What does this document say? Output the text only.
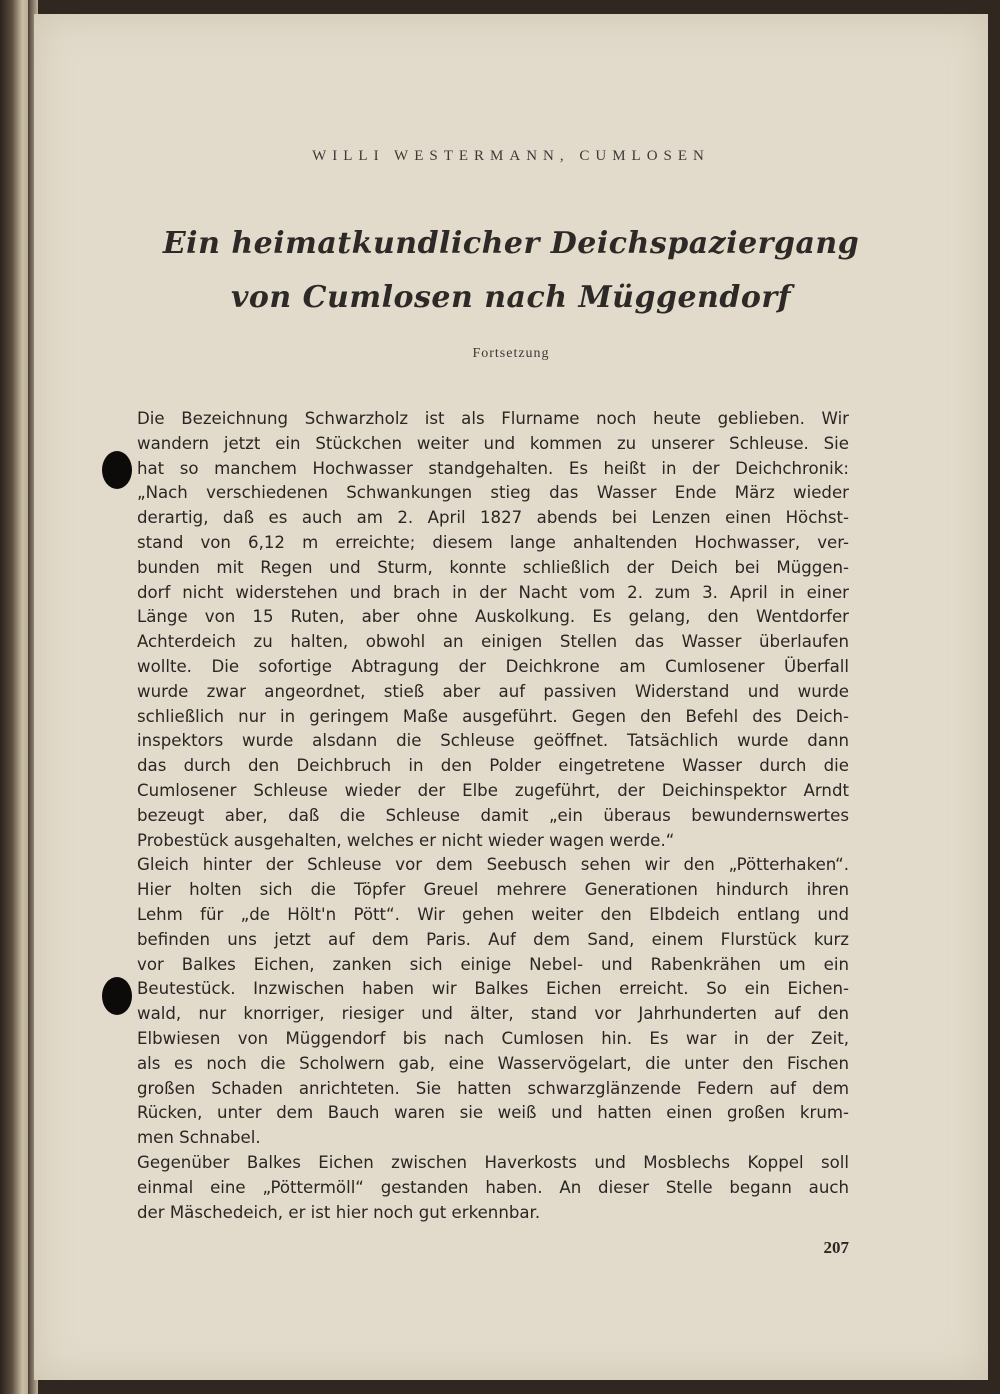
WILLI WESTERMANN, CUMLOSEN
Ein heimatkundlicher Deichspaziergang
von Cumlosen nach Müggendorf
Fortsetzung
Die Bezeichnung Schwarzholz ist als Flurname noch heute geblieben. Wir
wandern jetzt ein Stückchen weiter und kommen zu unserer Schleuse. Sie
hat so manchem Hochwasser standgehalten. Es heißt in der Deichchronik:
„Nach verschiedenen Schwankungen stieg das Wasser Ende März wieder
derartig, daß es auch am 2. April 1827 abends bei Lenzen einen Höchst-
stand von 6,12 m erreichte; diesem lange anhaltenden Hochwasser, ver-
bunden mit Regen und Sturm, konnte schließlich der Deich bei Müggen-
dorf nicht widerstehen und brach in der Nacht vom 2. zum 3. April in einer
Länge von 15 Ruten, aber ohne Auskolkung. Es gelang, den Wentdorfer
Achterdeich zu halten, obwohl an einigen Stellen das Wasser überlaufen
wollte. Die sofortige Abtragung der Deichkrone am Cumlosener Überfall
wurde zwar angeordnet, stieß aber auf passiven Widerstand und wurde
schließlich nur in geringem Maße ausgeführt. Gegen den Befehl des Deich-
inspektors wurde alsdann die Schleuse geöffnet. Tatsächlich wurde dann
das durch den Deichbruch in den Polder eingetretene Wasser durch die
Cumlosener Schleuse wieder der Elbe zugeführt, der Deichinspektor Arndt
bezeugt aber, daß die Schleuse damit „ein überaus bewundernswertes
Probestück ausgehalten, welches er nicht wieder wagen werde.“
Gleich hinter der Schleuse vor dem Seebusch sehen wir den „Pötterhaken“.
Hier holten sich die Töpfer Greuel mehrere Generationen hindurch ihren
Lehm für „de Hölt'n Pött“. Wir gehen weiter den Elbdeich entlang und
befinden uns jetzt auf dem Paris. Auf dem Sand, einem Flurstück kurz
vor Balkes Eichen, zanken sich einige Nebel- und Rabenkrähen um ein
Beutestück. Inzwischen haben wir Balkes Eichen erreicht. So ein Eichen-
wald, nur knorriger, riesiger und älter, stand vor Jahrhunderten auf den
Elbwiesen von Müggendorf bis nach Cumlosen hin. Es war in der Zeit,
als es noch die Scholwern gab, eine Wasservögelart, die unter den Fischen
großen Schaden anrichteten. Sie hatten schwarzglänzende Federn auf dem
Rücken, unter dem Bauch waren sie weiß und hatten einen großen krum-
men Schnabel.
Gegenüber Balkes Eichen zwischen Haverkosts und Mosblechs Koppel soll
einmal eine „Pöttermöll“ gestanden haben. An dieser Stelle begann auch
der Mäschedeich, er ist hier noch gut erkennbar.
207
